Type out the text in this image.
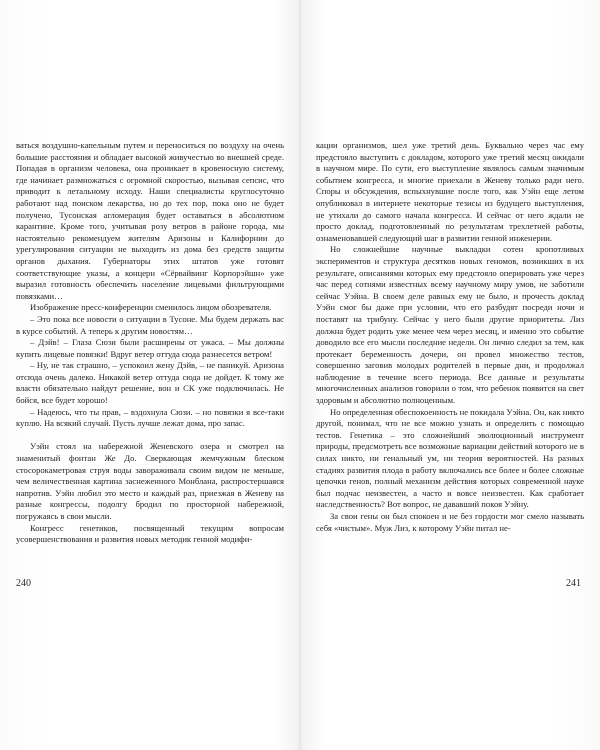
ваться воздушно-капельным путем и переноситься по воздуху на очень большие расстояния и обладает высокой живучестью во внешней среде. Попадая в организм человека, она проникает в кровеносную систему, где начинает размножаться с огромной скоростью, вызывая сепсис, что приводит к летальному исходу. Наши специалисты круглосуточно работают над поиском лекарства, но до тех пор, пока оно не будет получено, Тусонская агломерация будет оставаться в абсолютном карантине. Кроме того, учитывая розу ветров в районе города, мы настоятельно рекомендуем жителям Аризоны и Калифорнии до урегулирования ситуации не выходить из дома без средств защиты органов дыхания. Губернаторы этих штатов уже готовят соответствующие указы, а концерн «Сёрвайвинг Корпорэйшн» уже выразил готовность обеспечить население лицевыми фильтрующими повязками…

Изображение пресс-конференции сменилось лицом обозревателя.

– Это пока все новости о ситуации в Тусоне. Мы будем держать вас в курсе событий. А теперь к другим новостям…

– Дэйв! – Глаза Сюзи были расширены от ужаса. – Мы должны купить лицевые повязки! Вдруг ветер оттуда сюда разнесется ветром!

– Ну, не так страшно, – успокоил жену Дэйв, – не паникуй. Аризона отсюда очень далеко. Никакой ветер оттуда сюда не дойдет. К тому же власти обязательно найдут решение, вон и СК уже подключилась. Не бойся, все будет хорошо!

– Надеюсь, что ты прав, – вздохнула Сюзи. – но повязки я все-таки куплю. На всякий случай. Пусть лучше лежат дома, про запас.

Уэйн стоял на набережной Женевского озера и смотрел на знаменитый фонтан Же До. Сверкающая жемчужным блеском стосорокаметровая струя воды завораживала своим видом не меньше, чем величественная картина заснеженного Монблана, распростершаяся напротив. Уэйн любил это место и каждый раз, приезжая в Женеву на разные конгрессы, подолгу бродил по просторной набережной, погружаясь в свои мысли.

Конгресс генетиков, посвященный текущим вопросам усовершенствования и развития новых методик генной модифи-

кации организмов, шел уже третий день. Буквально через час ему предстояло выступить с докладом, которого уже третий месяц ожидали в научном мире. По сути, его выступление являлось самым значимым событием конгресса, и многие приехали в Женеву только ради него. Споры и обсуждения, вспыхнувшие после того, как Уэйн еще летом опубликовал в интернете некоторые тезисы из будущего выступления, не утихали до самого начала конгресса. И сейчас от него ждали не просто доклад, подготовленный по результатам трехлетней работы, ознаменовавшей следующий шаг в развитии генной инженерии.

Но сложнейшие научные выкладки сотен кропотливых экспериментов и структура десятков новых геномов, возникших в их результате, описаниями которых ему предстояло оперировать уже через час перед сотнями известных всему научному миру умов, не заботили сейчас Уэйна. В своем деле равных ему не было, и прочесть доклад Уэйн смог бы даже при условии, что его разбудят посреди ночи и поставят на трибуну. Сейчас у него были другие приоритеты. Лиз должна будет родить уже менее чем через месяц, и именно это событие доводило все его мысли последние недели. Он лично следил за тем, как протекает беременность дочери, он провел множество тестов, совершенно заговив молодых родителей в первые дни, и продолжал наблюдение в течение всего периода. Все данные и результаты многочисленных анализов говорили о том, что ребенок появится на свет здоровым и абсолютно полноценным.

Но определенная обеспокоенность не покидала Уэйна. Он, как никто другой, понимал, что не все можно узнать и определить с помощью тестов. Генетика – это сложнейший эволюционный инструмент природы, предсмотреть все возможные вариации действий которого не в силах никто, ни генальный ум, ни теория вероятностей. На разных стадиях развития плода в работу включались все более и более сложные цепочки генов, полный механизм действия которых современной науке был подчас неизвестен, а часто и вовсе неизвестен. Как сработает наследственность? Вот вопрос, не дававший покоя Уэйну.

За свои гены он был спокоен и не без гордости мог смело называть себя «чистым». Муж Лиз, к которому Уэйн питал не-

240	241
